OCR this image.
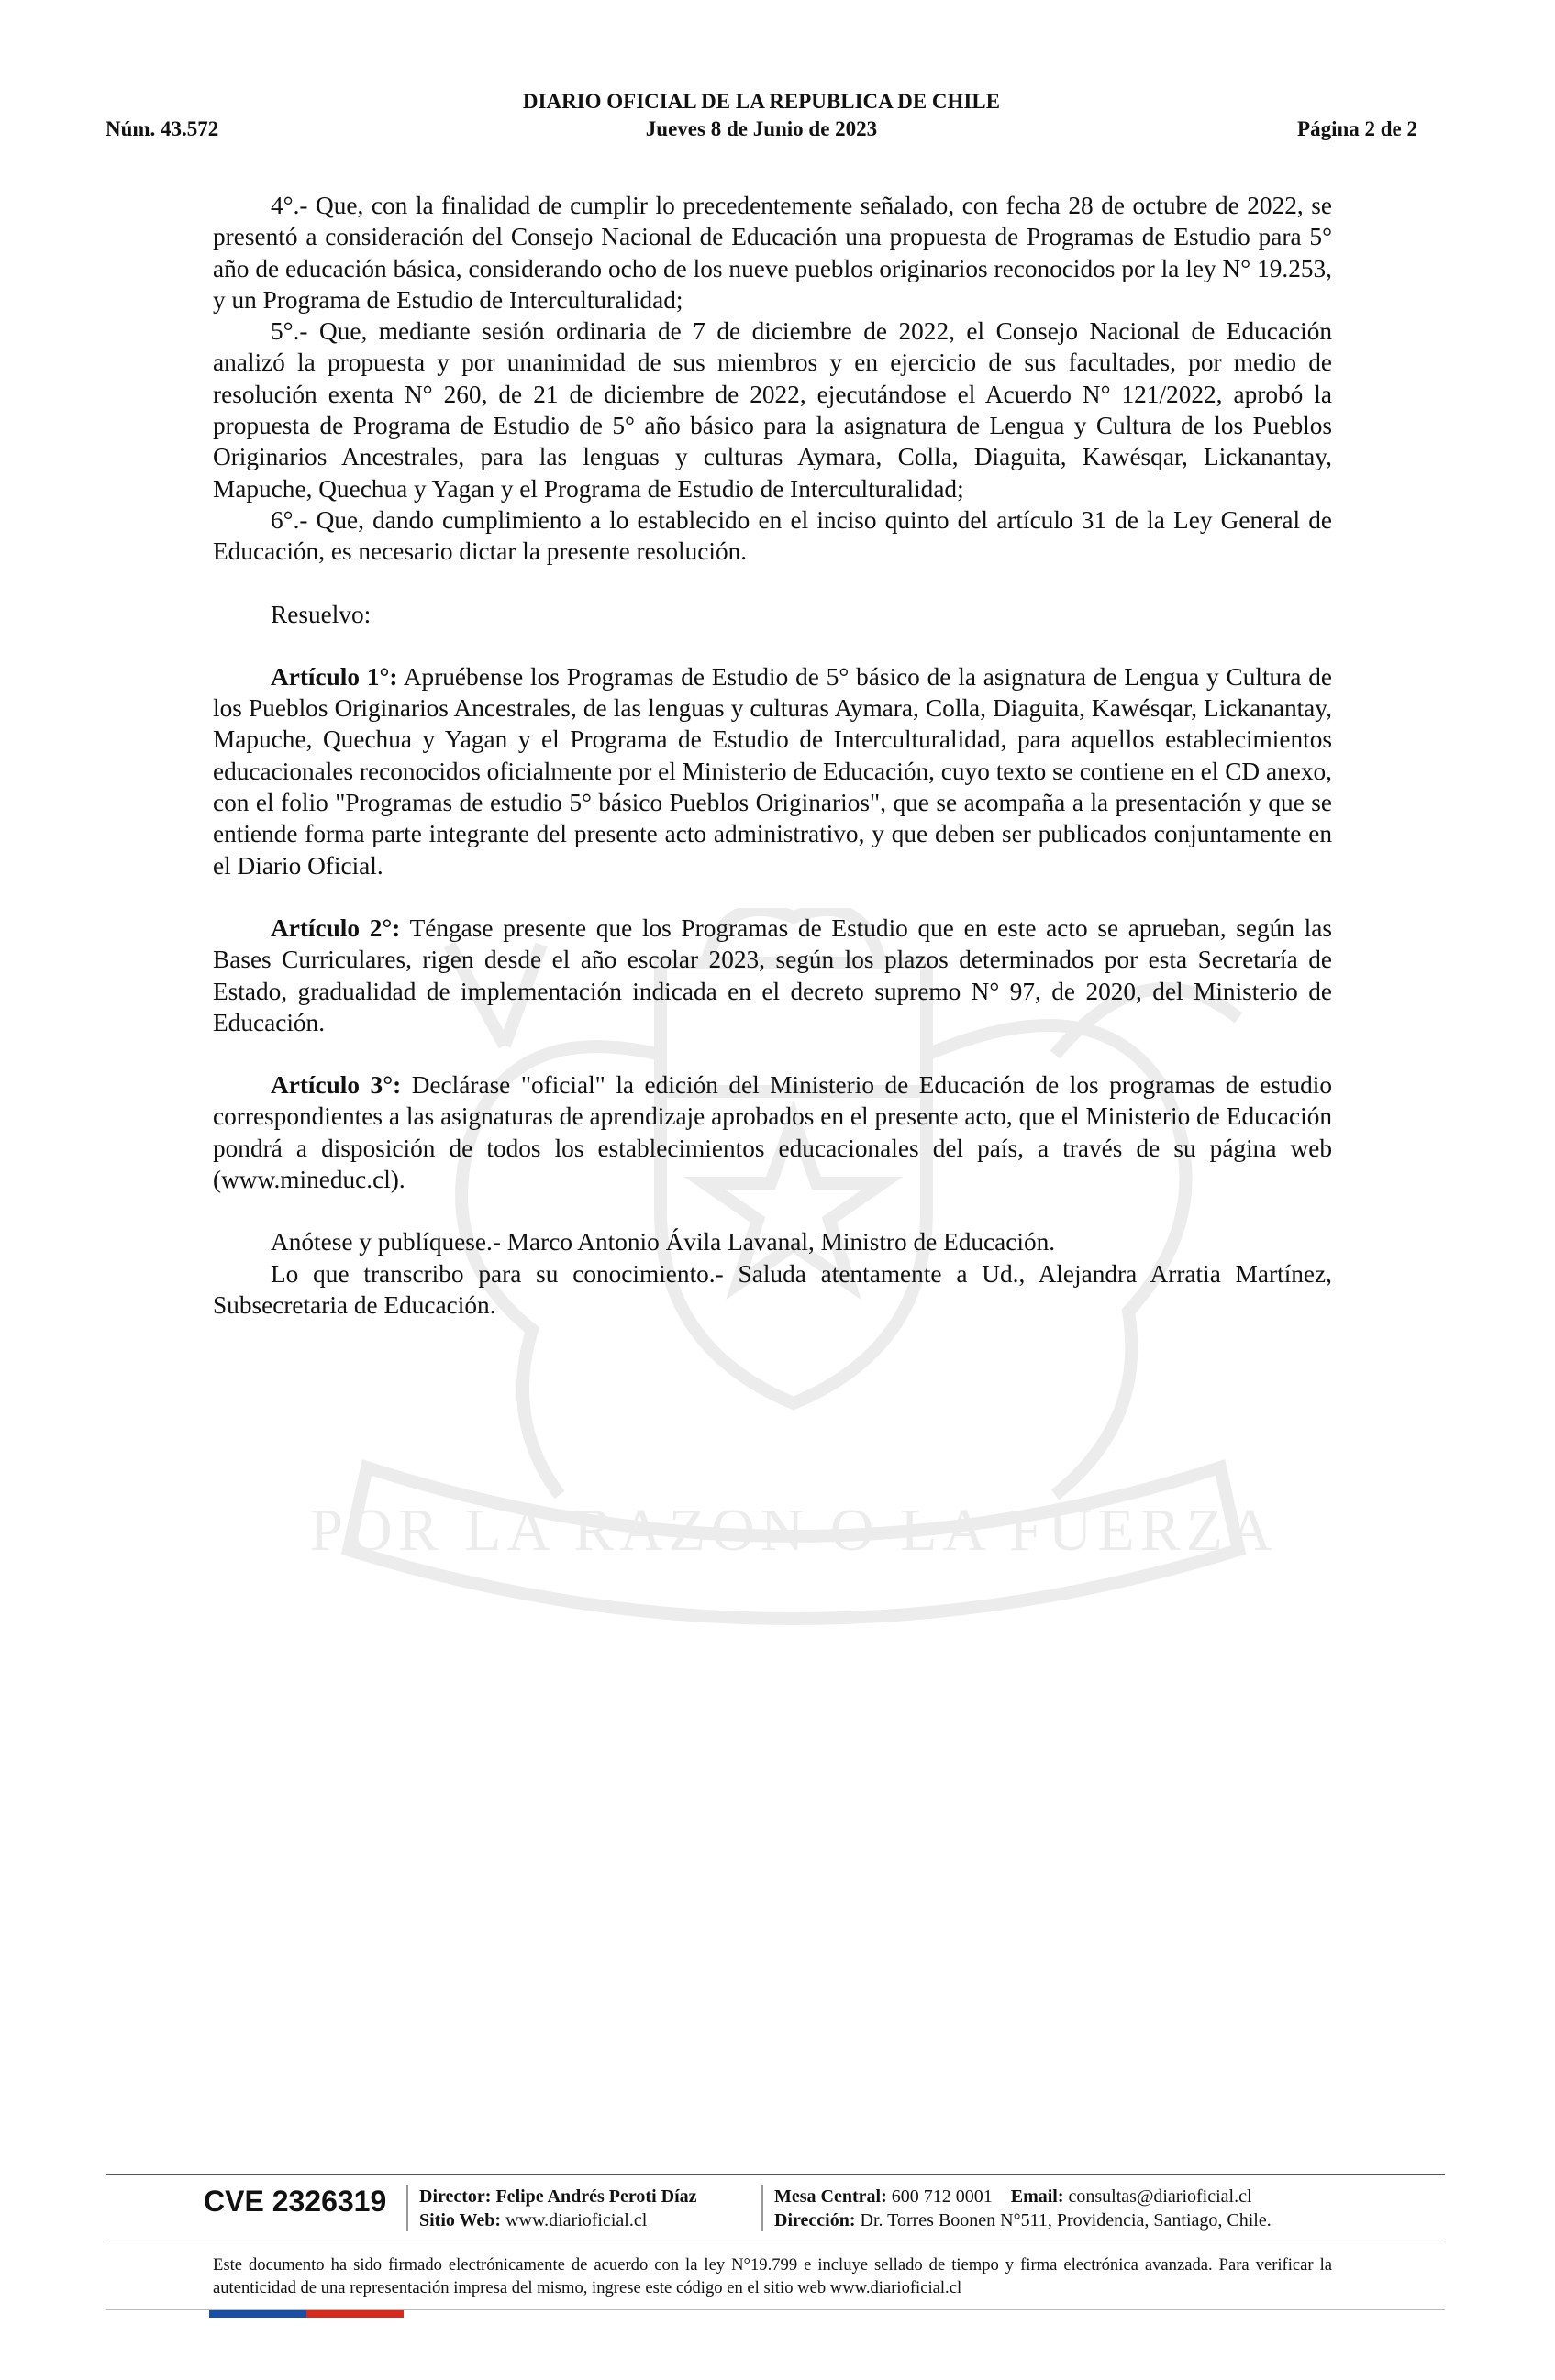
POR LA RAZON O LA FUERZA
DIARIO OFICIAL DE LA REPUBLICA DE CHILE
Núm. 43.572	Jueves 8 de Junio de 2023	Página 2 de 2

4°.- Que, con la finalidad de cumplir lo precedentemente señalado, con fecha 28 de octubre de 2022, se presentó a consideración del Consejo Nacional de Educación una propuesta de Programas de Estudio para 5° año de educación básica, considerando ocho de los nueve pueblos originarios reconocidos por la ley N° 19.253, y un Programa de Estudio de Interculturalidad;

5°.- Que, mediante sesión ordinaria de 7 de diciembre de 2022, el Consejo Nacional de Educación analizó la propuesta y por unanimidad de sus miembros y en ejercicio de sus facultades, por medio de resolución exenta N° 260, de 21 de diciembre de 2022, ejecutándose el Acuerdo N° 121/2022, aprobó la propuesta de Programa de Estudio de 5° año básico para la asignatura de Lengua y Cultura de los Pueblos Originarios Ancestrales, para las lenguas y culturas Aymara, Colla, Diaguita, Kawésqar, Lickanantay, Mapuche, Quechua y Yagan y el Programa de Estudio de Interculturalidad;

6°.- Que, dando cumplimiento a lo establecido en el inciso quinto del artículo 31 de la Ley General de Educación, es necesario dictar la presente resolución.

Resuelvo:

Artículo 1°: Apruébense los Programas de Estudio de 5° básico de la asignatura de Lengua y Cultura de los Pueblos Originarios Ancestrales, de las lenguas y culturas Aymara, Colla, Diaguita, Kawésqar, Lickanantay, Mapuche, Quechua y Yagan y el Programa de Estudio de Interculturalidad, para aquellos establecimientos educacionales reconocidos oficialmente por el Ministerio de Educación, cuyo texto se contiene en el CD anexo, con el folio "Programas de estudio 5° básico Pueblos Originarios", que se acompaña a la presentación y que se entiende forma parte integrante del presente acto administrativo, y que deben ser publicados conjuntamente en el Diario Oficial.

Artículo 2°: Téngase presente que los Programas de Estudio que en este acto se aprueban, según las Bases Curriculares, rigen desde el año escolar 2023, según los plazos determinados por esta Secretaría de Estado, gradualidad de implementación indicada en el decreto supremo N° 97, de 2020, del Ministerio de Educación.

Artículo 3°: Declárase "oficial" la edición del Ministerio de Educación de los programas de estudio correspondientes a las asignaturas de aprendizaje aprobados en el presente acto, que el Ministerio de Educación pondrá a disposición de todos los establecimientos educacionales del país, a través de su página web (www.mineduc.cl).

Anótese y publíquese.- Marco Antonio Ávila Lavanal, Ministro de Educación.

Lo que transcribo para su conocimiento.- Saluda atentamente a Ud., Alejandra Arratia Martínez, Subsecretaria de Educación.

CVE 2326319 Director: Felipe Andrés Peroti Díaz
Sitio Web: www.diarioficial.cl
Mesa Central: 600 712 0001 Email: consultas@diarioficial.cl
Dirección: Dr. Torres Boonen N°511, Providencia, Santiago, Chile.
Este documento ha sido firmado electrónicamente de acuerdo con la ley N°19.799 e incluye sellado de tiempo y firma electrónica avanzada. Para verificar la autenticidad de una representación impresa del mismo, ingrese este código en el sitio web www.diarioficial.cl
